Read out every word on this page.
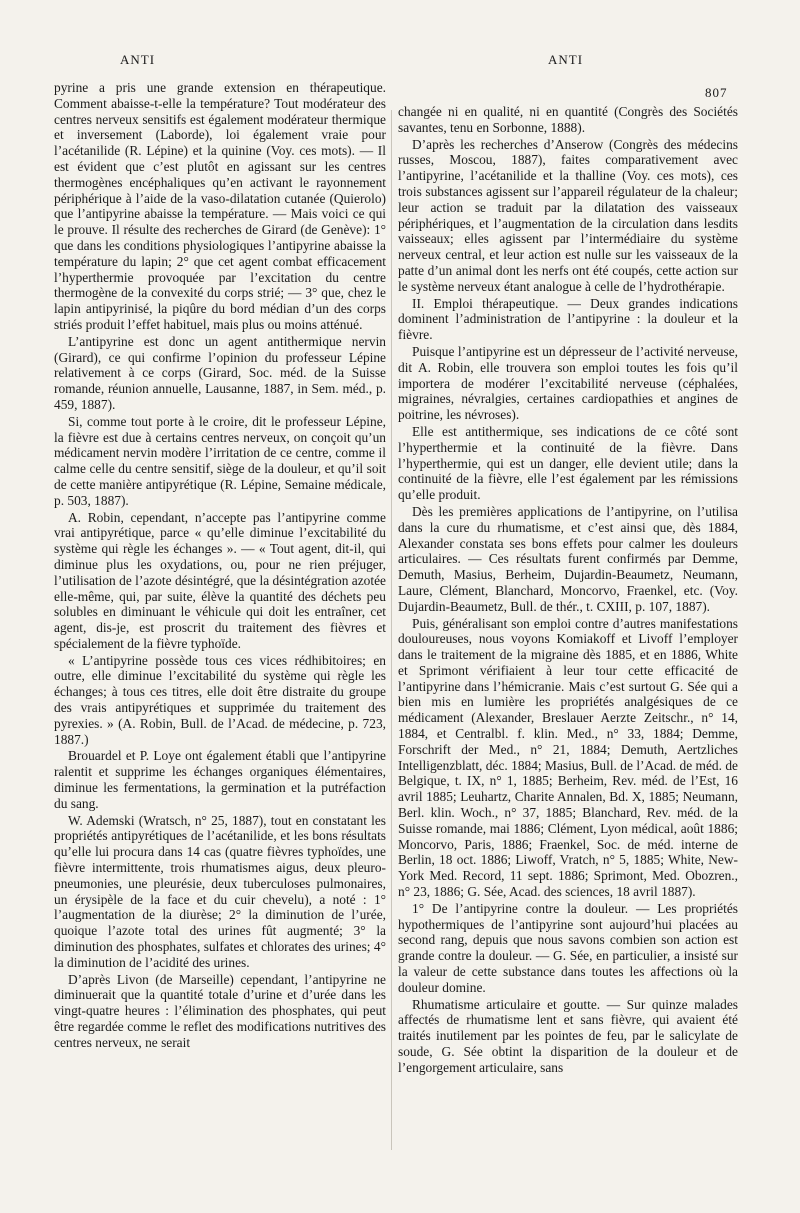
ANTI	ANTI
807

pyrine a pris une grande extension en thérapeutique. Comment abaisse-t-elle la température? Tout modérateur des centres nerveux sensitifs est également modérateur thermique et inversement (Laborde), loi également vraie pour l’acétanilide (R. Lépine) et la quinine (Voy. ces mots). — Il est évident que c’est plutôt en agissant sur les centres thermogènes encéphaliques qu’en activant le rayonnement périphérique à l’aide de la vaso-dilatation cutanée (Quierolo) que l’antipyrine abaisse la température. — Mais voici ce qui le prouve. Il résulte des recherches de Girard (de Genève): 1° que dans les conditions physiologiques l’antipyrine abaisse la température du lapin; 2° que cet agent combat efficacement l’hyperthermie provoquée par l’excitation du centre thermogène de la convexité du corps strié; — 3° que, chez le lapin antipyrinisé, la piqûre du bord médian d’un des corps striés produit l’effet habituel, mais plus ou moins atténué.

L’antipyrine est donc un agent antithermique nervin (Girard), ce qui confirme l’opinion du professeur Lépine relativement à ce corps (Girard, Soc. méd. de la Suisse romande, réunion annuelle, Lausanne, 1887, in Sem. méd., p. 459, 1887).

Si, comme tout porte à le croire, dit le professeur Lépine, la fièvre est due à certains centres nerveux, on conçoit qu’un médicament nervin modère l’irritation de ce centre, comme il calme celle du centre sensitif, siège de la douleur, et qu’il soit de cette manière antipyrétique (R. Lépine, Semaine médicale, p. 503, 1887).

A. Robin, cependant, n’accepte pas l’antipyrine comme vrai antipyrétique, parce « qu’elle diminue l’excitabilité du système qui règle les échanges ». — « Tout agent, dit-il, qui diminue plus les oxydations, ou, pour ne rien préjuger, l’utilisation de l’azote désintégré, que la désintégration azotée elle-même, qui, par suite, élève la quantité des déchets peu solubles en diminuant le véhicule qui doit les entraîner, cet agent, dis-je, est proscrit du traitement des fièvres et spécialement de la fièvre typhoïde.

« L’antipyrine possède tous ces vices rédhibitoires; en outre, elle diminue l’excitabilité du système qui règle les échanges; à tous ces titres, elle doit être distraite du groupe des vrais antipyrétiques et supprimée du traitement des pyrexies. » (A. Robin, Bull. de l’Acad. de médecine, p. 723, 1887.)

Brouardel et P. Loye ont également établi que l’antipyrine ralentit et supprime les échanges organiques élémentaires, diminue les fermentations, la germination et la putréfaction du sang.

W. Ademski (Wratsch, n° 25, 1887), tout en constatant les propriétés antipyrétiques de l’acétanilide, et les bons résultats qu’elle lui procura dans 14 cas (quatre fièvres typhoïdes, une fièvre intermittente, trois rhumatismes aigus, deux pleuro-pneumonies, une pleurésie, deux tuberculoses pulmonaires, un érysipèle de la face et du cuir chevelu), a noté : 1° l’augmentation de la diurèse; 2° la diminution de l’urée, quoique l’azote total des urines fût augmenté; 3° la diminution des phosphates, sulfates et chlorates des urines; 4° la diminution de l’acidité des urines.

D’après Livon (de Marseille) cependant, l’antipyrine ne diminuerait que la quantité totale d’urine et d’urée dans les vingt-quatre heures : l’élimination des phosphates, qui peut être regardée comme le reflet des modifications nutritives des centres nerveux, ne serait

changée ni en qualité, ni en quantité (Congrès des Sociétés savantes, tenu en Sorbonne, 1888).

D’après les recherches d’Anserow (Congrès des médecins russes, Moscou, 1887), faites comparativement avec l’antipyrine, l’acétanilide et la thalline (Voy. ces mots), ces trois substances agissent sur l’appareil régulateur de la chaleur; leur action se traduit par la dilatation des vaisseaux périphériques, et l’augmentation de la circulation dans lesdits vaisseaux; elles agissent par l’intermédiaire du système nerveux central, et leur action est nulle sur les vaisseaux de la patte d’un animal dont les nerfs ont été coupés, cette action sur le système nerveux étant analogue à celle de l’hydrothérapie.

II. Emploi thérapeutique. — Deux grandes indications dominent l’administration de l’antipyrine : la douleur et la fièvre.

Puisque l’antipyrine est un dépresseur de l’activité nerveuse, dit A. Robin, elle trouvera son emploi toutes les fois qu’il importera de modérer l’excitabilité nerveuse (céphalées, migraines, névralgies, certaines cardiopathies et angines de poitrine, les névroses).

Elle est antithermique, ses indications de ce côté sont l’hyperthermie et la continuité de la fièvre. Dans l’hyperthermie, qui est un danger, elle devient utile; dans la continuité de la fièvre, elle l’est également par les rémissions qu’elle produit.

Dès les premières applications de l’antipyrine, on l’utilisa dans la cure du rhumatisme, et c’est ainsi que, dès 1884, Alexander constata ses bons effets pour calmer les douleurs articulaires. — Ces résultats furent confirmés par Demme, Demuth, Masius, Berheim, Dujardin-Beaumetz, Neumann, Laure, Clément, Blanchard, Moncorvo, Fraenkel, etc. (Voy. Dujardin-Beaumetz, Bull. de thér., t. CXIII, p. 107, 1887).

Puis, généralisant son emploi contre d’autres manifestations douloureuses, nous voyons Komiakoff et Livoff l’employer dans le traitement de la migraine dès 1885, et en 1886, White et Sprimont vérifiaient à leur tour cette efficacité de l’antipyrine dans l’hémicranie. Mais c’est surtout G. Sée qui a bien mis en lumière les propriétés analgésiques de ce médicament (Alexander, Breslauer Aerzte Zeitschr., n° 14, 1884, et Centralbl. f. klin. Med., n° 33, 1884; Demme, Forschrift der Med., n° 21, 1884; Demuth, Aertzliches Intelligenzblatt, déc. 1884; Masius, Bull. de l’Acad. de méd. de Belgique, t. IX, n° 1, 1885; Berheim, Rev. méd. de l’Est, 16 avril 1885; Leuhartz, Charite Annalen, Bd. X, 1885; Neumann, Berl. klin. Woch., n° 37, 1885; Blanchard, Rev. méd. de la Suisse romande, mai 1886; Clément, Lyon médical, août 1886; Moncorvo, Paris, 1886; Fraenkel, Soc. de méd. interne de Berlin, 18 oct. 1886; Liwoff, Vratch, n° 5, 1885; White, New-York Med. Record, 11 sept. 1886; Sprimont, Med. Obozren., n° 23, 1886; G. Sée, Acad. des sciences, 18 avril 1887).

1° De l’antipyrine contre la douleur. — Les propriétés hypothermiques de l’antipyrine sont aujourd’hui placées au second rang, depuis que nous savons combien son action est grande contre la douleur. — G. Sée, en particulier, a insisté sur la valeur de cette substance dans toutes les affections où la douleur domine.

Rhumatisme articulaire et goutte. — Sur quinze malades affectés de rhumatisme lent et sans fièvre, qui avaient été traités inutilement par les pointes de feu, par le salicylate de soude, G. Sée obtint la disparition de la douleur et de l’engorgement articulaire, sans
